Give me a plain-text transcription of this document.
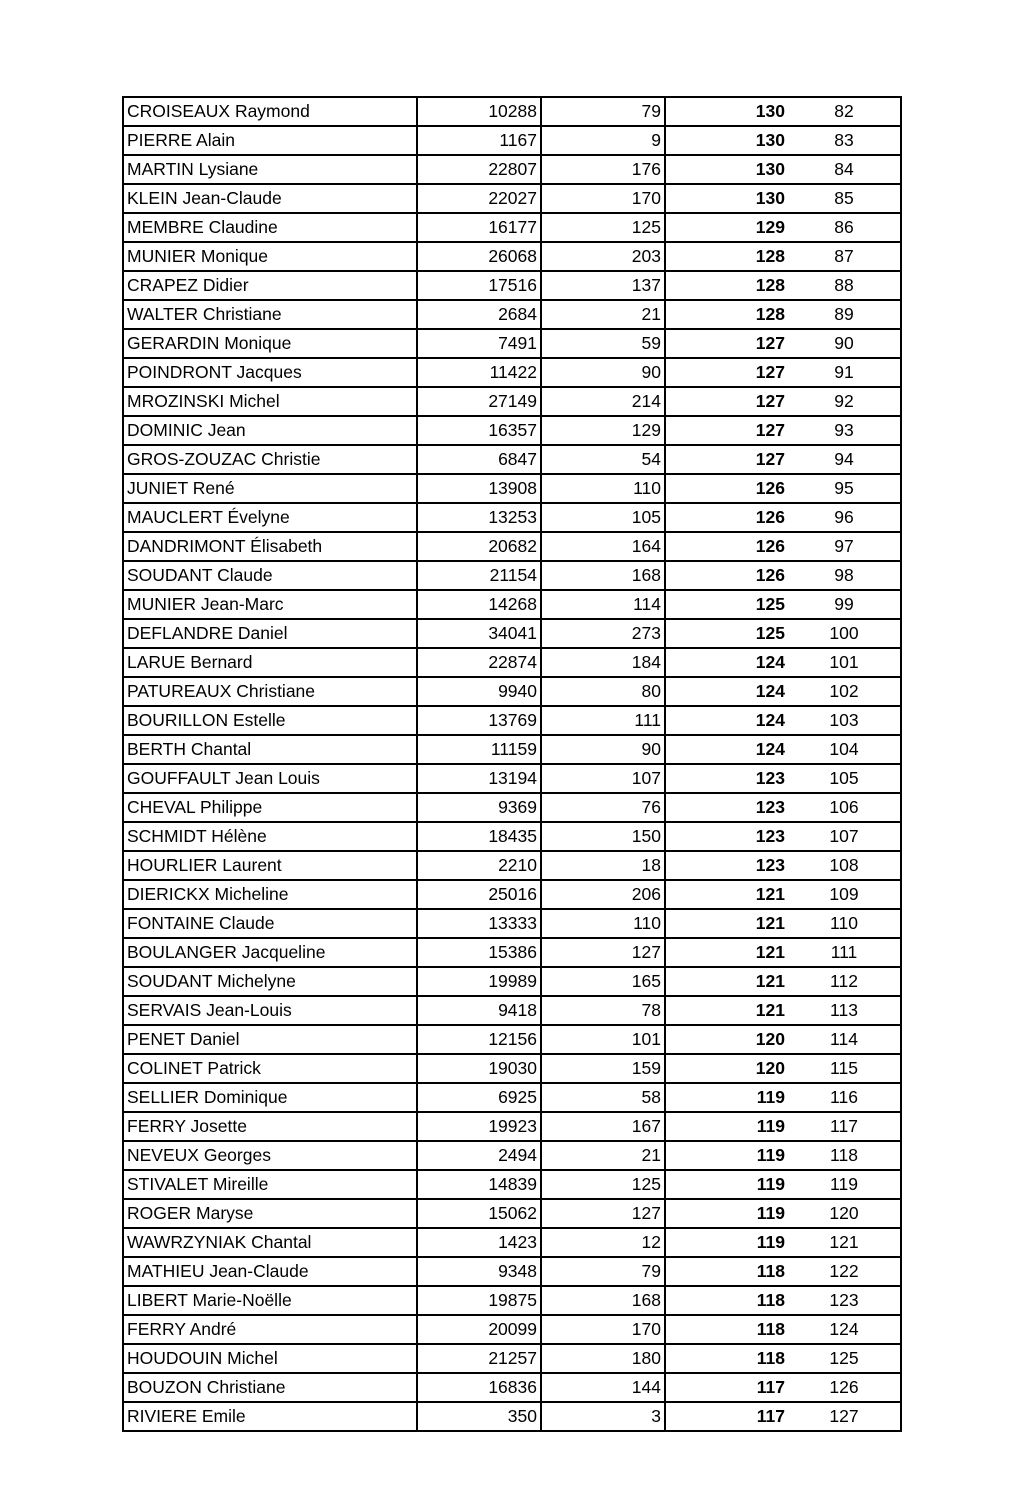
CROISEAUX Raymond	10288	79	130	82
PIERRE Alain	1167	9	130	83
MARTIN Lysiane	22807	176	130	84
KLEIN Jean-Claude	22027	170	130	85
MEMBRE Claudine	16177	125	129	86
MUNIER Monique	26068	203	128	87
CRAPEZ Didier	17516	137	128	88
WALTER Christiane	2684	21	128	89
GERARDIN Monique	7491	59	127	90
POINDRONT Jacques	11422	90	127	91
MROZINSKI Michel	27149	214	127	92
DOMINIC Jean	16357	129	127	93
GROS-ZOUZAC Christie	6847	54	127	94
JUNIET René	13908	110	126	95
MAUCLERT Évelyne	13253	105	126	96
DANDRIMONT Élisabeth	20682	164	126	97
SOUDANT Claude	21154	168	126	98
MUNIER Jean-Marc	14268	114	125	99
DEFLANDRE Daniel	34041	273	125	100
LARUE Bernard	22874	184	124	101
PATUREAUX Christiane	9940	80	124	102
BOURILLON Estelle	13769	111	124	103
BERTH Chantal	11159	90	124	104
GOUFFAULT Jean Louis	13194	107	123	105
CHEVAL Philippe	9369	76	123	106
SCHMIDT Hélène	18435	150	123	107
HOURLIER Laurent	2210	18	123	108
DIERICKX Micheline	25016	206	121	109
FONTAINE Claude	13333	110	121	110
BOULANGER Jacqueline	15386	127	121	111
SOUDANT Michelyne	19989	165	121	112
SERVAIS Jean-Louis	9418	78	121	113
PENET Daniel	12156	101	120	114
COLINET Patrick	19030	159	120	115
SELLIER Dominique	6925	58	119	116
FERRY Josette	19923	167	119	117
NEVEUX Georges	2494	21	119	118
STIVALET Mireille	14839	125	119	119
ROGER Maryse	15062	127	119	120
WAWRZYNIAK Chantal	1423	12	119	121
MATHIEU Jean-Claude	9348	79	118	122
LIBERT Marie-Noëlle	19875	168	118	123
FERRY André	20099	170	118	124
HOUDOUIN Michel	21257	180	118	125
BOUZON Christiane	16836	144	117	126
RIVIERE Emile	350	3	117	127
